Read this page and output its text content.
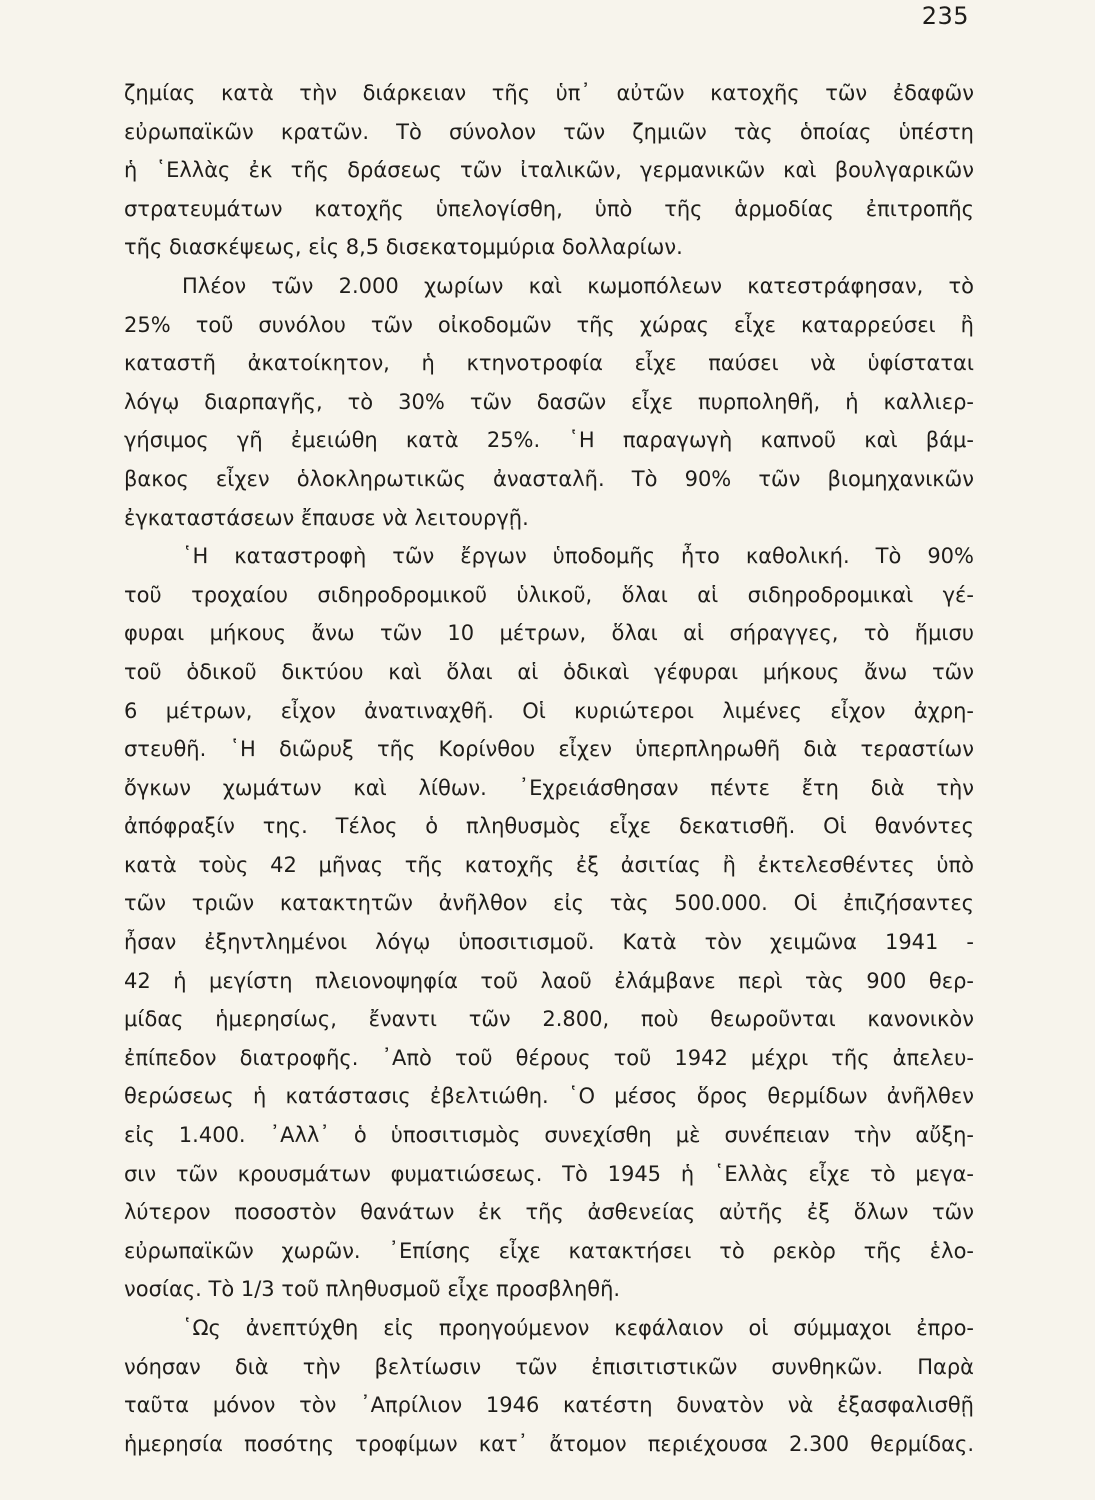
235
ζημίας κατὰ τὴν διάρκειαν τῆς ὑπ᾽ αὐτῶν κατοχῆς τῶν ἐδαφῶν
εὐρωπαϊκῶν κρατῶν. Τὸ σύνολον τῶν ζημιῶν τὰς ὁποίας ὑπέστη
ἡ ῾Ελλὰς ἐκ τῆς δράσεως τῶν ἰταλικῶν, γερμανικῶν καὶ βουλγαρικῶν
στρατευμάτων κατοχῆς ὑπελογίσθη, ὑπὸ τῆς ἁρμοδίας ἐπιτροπῆς
τῆς διασκέψεως, εἰς 8,5 δισεκατομμύρια δολλαρίων.
Πλέον τῶν 2.000 χωρίων καὶ κωμοπόλεων κατεστράφησαν, τὸ
25% τοῦ συνόλου τῶν οἰκοδομῶν τῆς χώρας εἶχε καταρρεύσει ἢ
καταστῆ ἀκατοίκητον, ἡ κτηνοτροφία εἶχε παύσει νὰ ὑφίσταται
λόγῳ διαρπαγῆς, τὸ 30% τῶν δασῶν εἶχε πυρποληθῆ, ἡ καλλιερ-
γήσιμος γῆ ἐμειώθη κατὰ 25%. ῾Η παραγωγὴ καπνοῦ καὶ βάμ-
βακος εἶχεν ὁλοκληρωτικῶς ἀνασταλῆ. Τὸ 90% τῶν βιομηχανικῶν
ἐγκαταστάσεων ἔπαυσε νὰ λειτουργῇ.
῾Η καταστροφὴ τῶν ἔργων ὑποδομῆς ἦτο καθολική. Τὸ 90%
τοῦ τροχαίου σιδηροδρομικοῦ ὑλικοῦ, ὅλαι αἱ σιδηροδρομικαὶ γέ-
φυραι μήκους ἄνω τῶν 10 μέτρων, ὅλαι αἱ σήραγγες, τὸ ἥμισυ
τοῦ ὁδικοῦ δικτύου καὶ ὅλαι αἱ ὁδικαὶ γέφυραι μήκους ἄνω τῶν
6 μέτρων, εἶχον ἀνατιναχθῆ. Οἱ κυριώτεροι λιμένες εἶχον ἀχρη-
στευθῆ. ῾Η διῶρυξ τῆς Κορίνθου εἶχεν ὑπερπληρωθῆ διὰ τεραστίων
ὄγκων χωμάτων καὶ λίθων. ᾽Εχρειάσθησαν πέντε ἔτη διὰ τὴν
ἀπόφραξίν της. Τέλος ὁ πληθυσμὸς εἶχε δεκατισθῆ. Οἱ θανόντες
κατὰ τοὺς 42 μῆνας τῆς κατοχῆς ἐξ ἀσιτίας ἢ ἐκτελεσθέντες ὑπὸ
τῶν τριῶν κατακτητῶν ἀνῆλθον εἰς τὰς 500.000. Οἱ ἐπιζήσαντες
ἦσαν ἐξηντλημένοι λόγῳ ὑποσιτισμοῦ. Κατὰ τὸν χειμῶνα 1941 -
42 ἡ μεγίστη πλειονοψηφία τοῦ λαοῦ ἐλάμβανε περὶ τὰς 900 θερ-
μίδας ἡμερησίως, ἔναντι τῶν 2.800, ποὺ θεωροῦνται κανονικὸν
ἐπίπεδον διατροφῆς. ᾽Απὸ τοῦ θέρους τοῦ 1942 μέχρι τῆς ἀπελευ-
θερώσεως ἡ κατάστασις ἐβελτιώθη. ῾Ο μέσος ὅρος θερμίδων ἀνῆλθεν
εἰς 1.400. ᾽Αλλ᾽ ὁ ὑποσιτισμὸς συνεχίσθη μὲ συνέπειαν τὴν αὔξη-
σιν τῶν κρουσμάτων φυματιώσεως. Τὸ 1945 ἡ ῾Ελλὰς εἶχε τὸ μεγα-
λύτερον ποσοστὸν θανάτων ἐκ τῆς ἀσθενείας αὐτῆς ἐξ ὅλων τῶν
εὐρωπαϊκῶν χωρῶν. ᾽Επίσης εἶχε κατακτήσει τὸ ρεκὸρ τῆς ἑλο-
νοσίας. Τὸ 1/3 τοῦ πληθυσμοῦ εἶχε προσβληθῆ.
῾Ως ἀνεπτύχθη εἰς προηγούμενον κεφάλαιον οἱ σύμμαχοι ἐπρο-
νόησαν διὰ τὴν βελτίωσιν τῶν ἐπισιτιστικῶν συνθηκῶν. Παρὰ
ταῦτα μόνον τὸν ᾽Απρίλιον 1946 κατέστη δυνατὸν νὰ ἐξασφαλισθῇ
ἡμερησία ποσότης τροφίμων κατ᾽ ἄτομον περιέχουσα 2.300 θερμίδας.
